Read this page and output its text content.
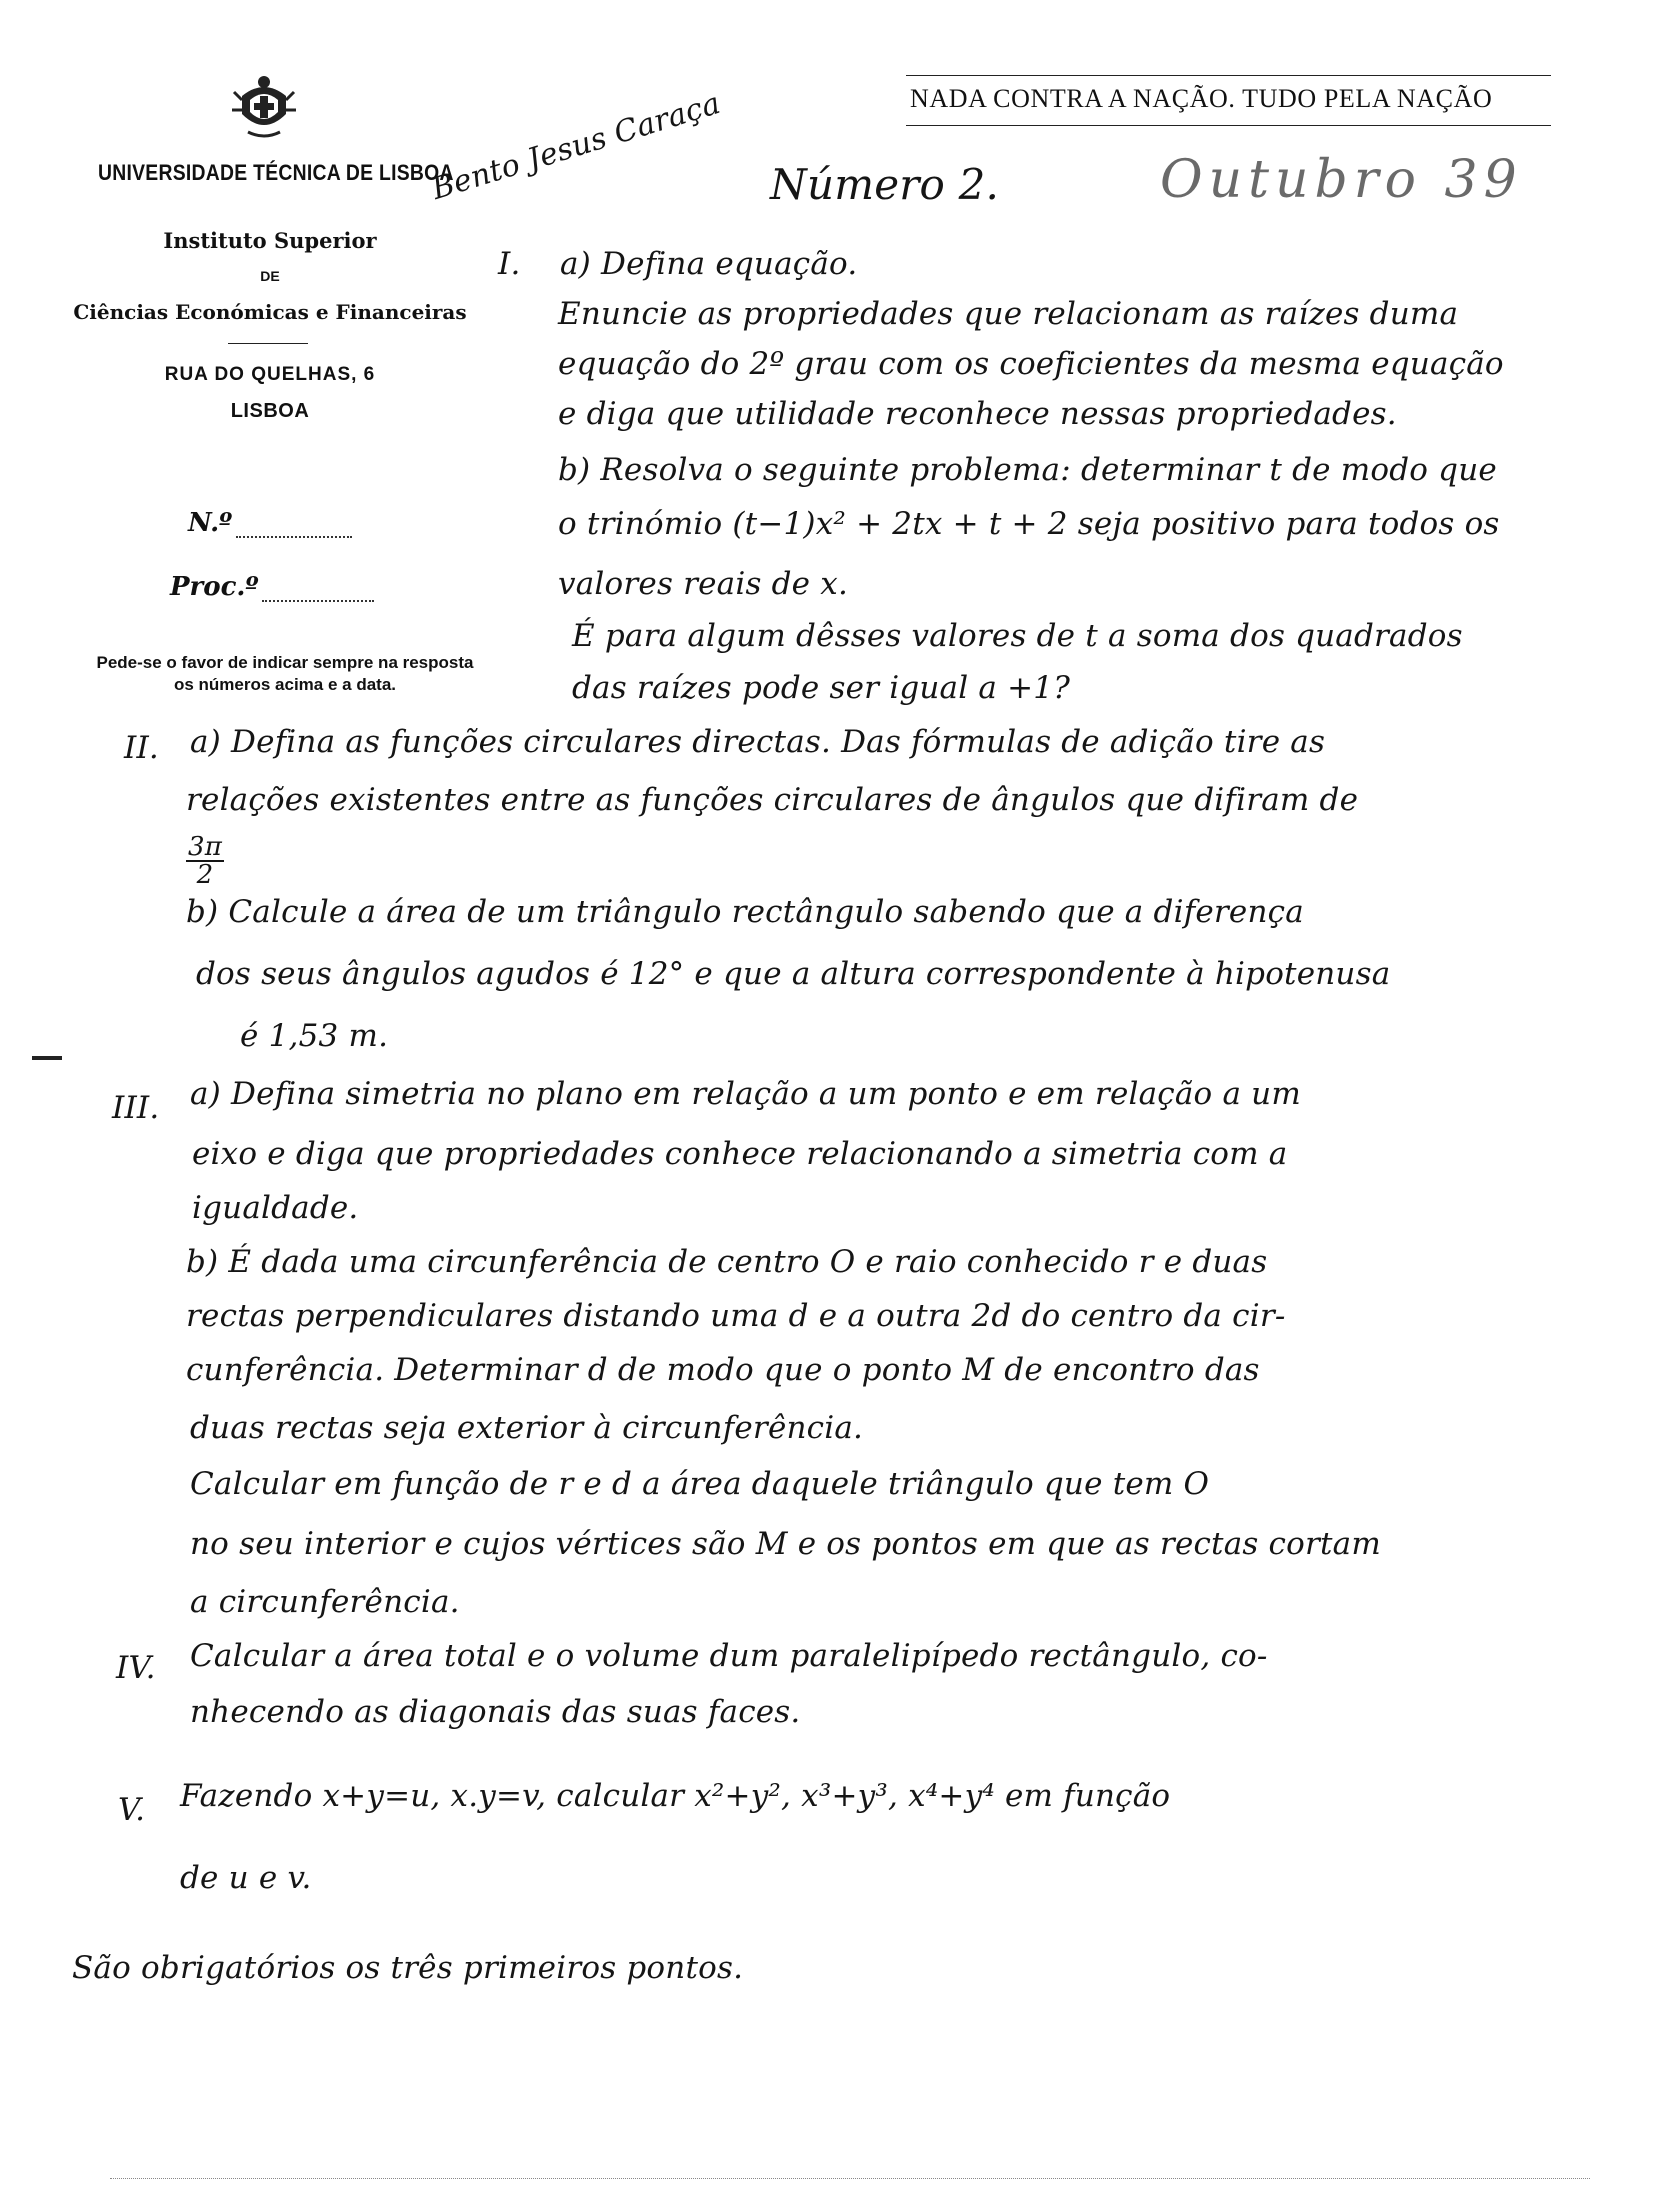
UNIVERSIDADE TÉCNICA DE LISBOA
Instituto Superior
DE
Ciências Económicas e Financeiras
RUA DO QUELHAS, 6
LISBOA
N.º
Proc.º
Pede-se o favor de indicar sempre na resposta os números acima e a data.
NADA CONTRA A NAÇÃO. TUDO PELA NAÇÃO
Bento Jesus Caraça Número 2.	Outubro 39
I. a) Defina equação.
Enuncie as propriedades que relacionam as raízes duma
equação do 2º grau com os coeficientes da mesma equação
e diga que utilidade reconhece nessas propriedades.
b) Resolva o seguinte problema: determinar t de modo que
o trinómio (t−1)x² + 2tx + t + 2 seja positivo para todos os
valores reais de x.
É para algum dêsses valores de t a soma dos quadrados
das raízes pode ser igual a +1?
II. a) Defina as funções circulares directas. Das fórmulas de adição tire as
relações existentes entre as funções circulares de ângulos que difiram de
$\frac{3\pi}{2}$
b) Calcule a área de um triângulo rectângulo sabendo que a diferença
dos seus ângulos agudos é 12° e que a altura correspondente à hipotenusa
é 1,53 m.
III. a) Defina simetria no plano em relação a um ponto e em relação a um
eixo e diga que propriedades conhece relacionando a simetria com a
igualdade.
b) É dada uma circunferência de centro O e raio conhecido r e duas
rectas perpendiculares distando uma d e a outra 2d do centro da cir-
cunferência. Determinar d de modo que o ponto M de encontro das
duas rectas seja exterior à circunferência.
Calcular em função de r e d a área daquele triângulo que tem O
no seu interior e cujos vértices são M e os pontos em que as rectas cortam
a circunferência.
IV. Calcular a área total e o volume dum paralelipípedo rectângulo, co-
nhecendo as diagonais das suas faces.
V. Fazendo x+y=u, x.y=v, calcular x²+y², x³+y³, x⁴+y⁴ em função
de u e v.
São obrigatórios os três primeiros pontos.
